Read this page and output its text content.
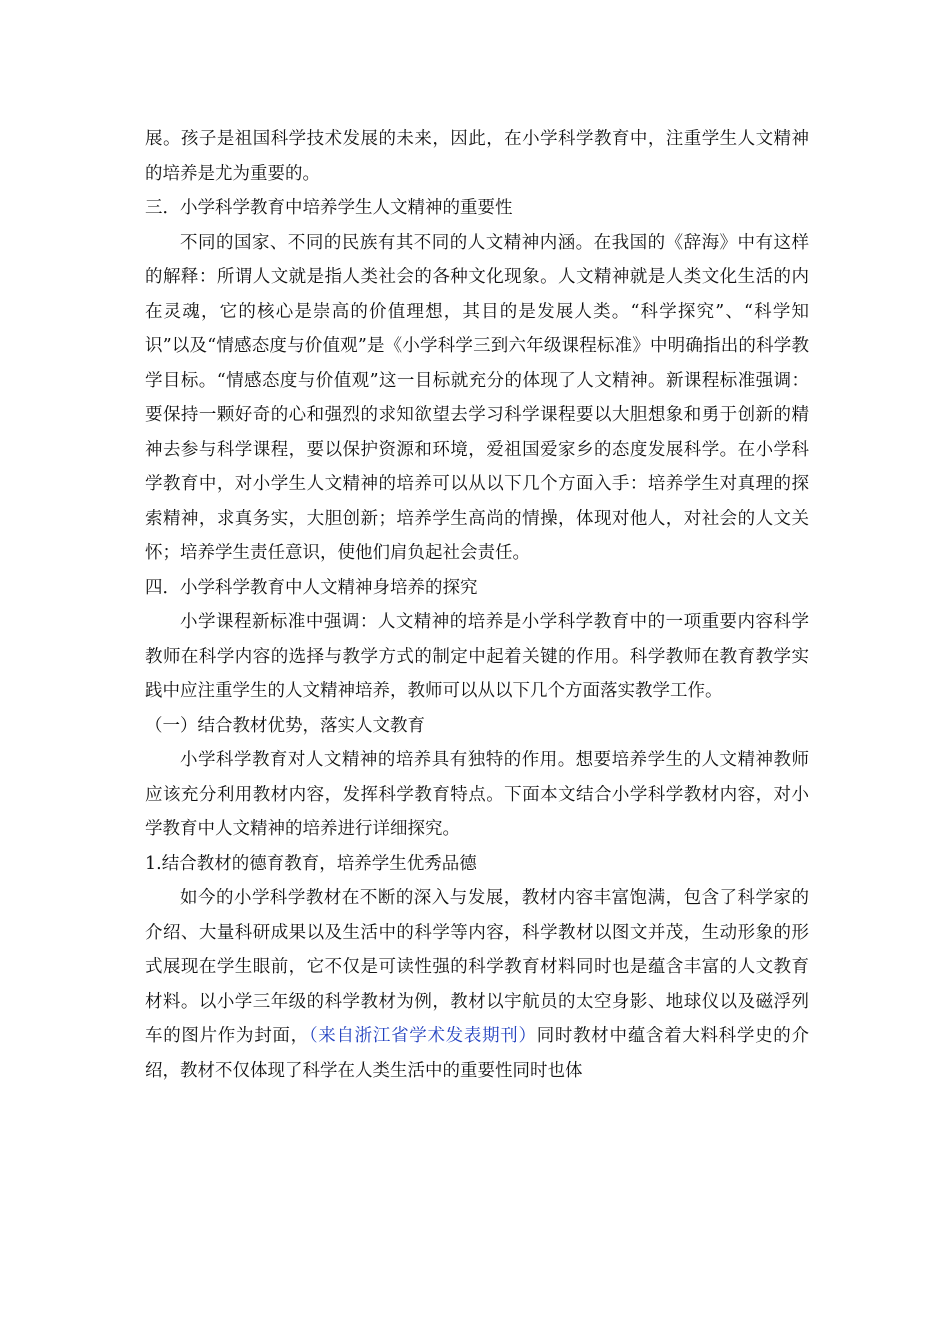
展。孩子是祖国科学技术发展的未来，因此，在小学科学教育中，注重学生人文精神的培养是尤为重要的。

三．小学科学教育中培养学生人文精神的重要性

不同的国家、不同的民族有其不同的人文精神内涵。在我国的《辞海》中有这样的解释：所谓人文就是指人类社会的各种文化现象。人文精神就是人类文化生活的内在灵魂，它的核心是崇高的价值理想，其目的是发展人类。“科学探究”、“科学知识”以及“情感态度与价值观”是《小学科学三到六年级课程标准》中明确指出的科学教学目标。“情感态度与价值观”这一目标就充分的体现了人文精神。新课程标准强调：要保持一颗好奇的心和强烈的求知欲望去学习科学课程要以大胆想象和勇于创新的精神去参与科学课程，要以保护资源和环境，爱祖国爱家乡的态度发展科学。在小学科学教育中，对小学生人文精神的培养可以从以下几个方面入手：培养学生对真理的探索精神，求真务实，大胆创新；培养学生高尚的情操，体现对他人，对社会的人文关怀；培养学生责任意识，使他们肩负起社会责任。

四．小学科学教育中人文精神身培养的探究

小学课程新标准中强调：人文精神的培养是小学科学教育中的一项重要内容科学教师在科学内容的选择与教学方式的制定中起着关键的作用。科学教师在教育教学实践中应注重学生的人文精神培养，教师可以从以下几个方面落实教学工作。

（一）结合教材优势，落实人文教育

小学科学教育对人文精神的培养具有独特的作用。想要培养学生的人文精神教师应该充分利用教材内容，发挥科学教育特点。下面本文结合小学科学教材内容，对小学教育中人文精神的培养进行详细探究。

1.结合教材的德育教育，培养学生优秀品德

如今的小学科学教材在不断的深入与发展，教材内容丰富饱满，包含了科学家的介绍、大量科研成果以及生活中的科学等内容，科学教材以图文并茂，生动形象的形式展现在学生眼前，它不仅是可读性强的科学教育材料同时也是蕴含丰富的人文教育材料。以小学三年级的科学教材为例，教材以宇航员的太空身影、地球仪以及磁浮列车的图片作为封面，（来自浙江省学术发表期刊）同时教材中蕴含着大料科学史的介绍，教材不仅体现了科学在人类生活中的重要性同时也体
